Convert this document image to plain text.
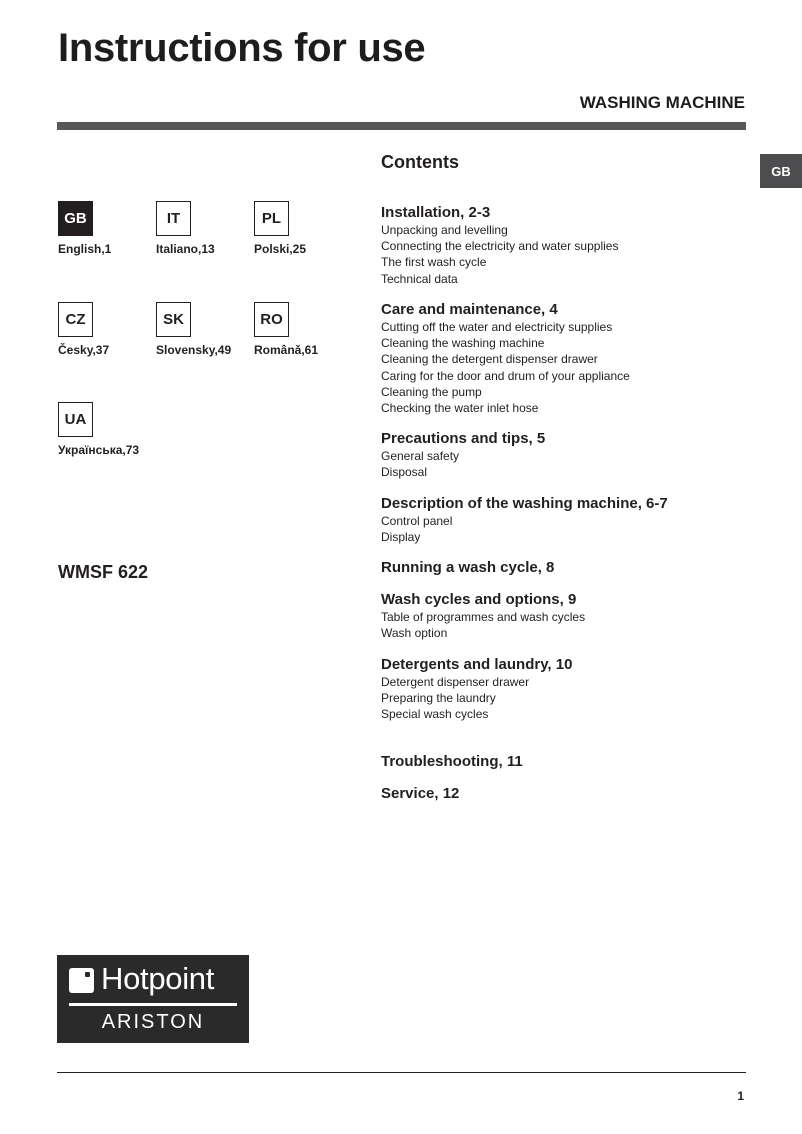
Instructions for use
WASHING MACHINE
GB
GB
English,1
IT
Italiano,13
PL
Polski,25
CZ
Česky,37
SK
Slovensky,49
RO
Românǎ,61
UA
Українська,73
WMSF 622
Contents
Installation, 2-3
Unpacking and levelling
Connecting the electricity and water supplies
The first wash cycle
Technical data
Care and maintenance, 4
Cutting off the water and electricity supplies
Cleaning the washing machine
Cleaning the detergent dispenser drawer
Caring for the door and drum of your appliance
Cleaning the pump
Checking the water inlet hose
Precautions and tips, 5
General safety
Disposal
Description of the washing machine, 6-7
Control panel
Display
Running a wash cycle, 8
Wash cycles and options, 9
Table of programmes and wash cycles
Wash option
Detergents and laundry, 10
Detergent dispenser drawer
Preparing the laundry
Special wash cycles
Troubleshooting, 11
Service, 12
Hotpoint
ARISTON
1
